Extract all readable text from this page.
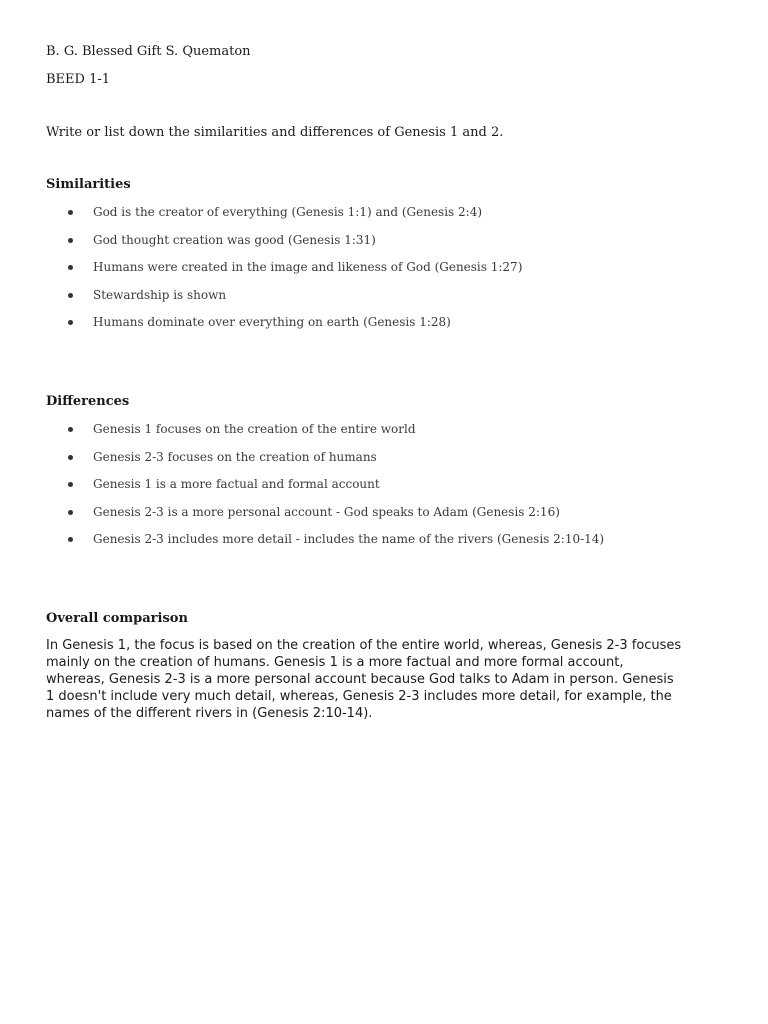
B. G. Blessed Gift S. Quematon
BEED 1-1
Write or list down the similarities and differences of Genesis 1 and 2.
Similarities
God is the creator of everything (Genesis 1:1) and (Genesis 2:4)
God thought creation was good (Genesis 1:31)
Humans were created in the image and likeness of God (Genesis 1:27)
Stewardship is shown
Humans dominate over everything on earth (Genesis 1:28)
Differences
Genesis 1 focuses on the creation of the entire world
Genesis 2-3 focuses on the creation of humans
Genesis 1 is a more factual and formal account
Genesis 2-3 is a more personal account - God speaks to Adam (Genesis 2:16)
Genesis 2-3 includes more detail - includes the name of the rivers (Genesis 2:10-14)
Overall comparison
In Genesis 1, the focus is based on the creation of the entire world, whereas, Genesis 2-3 focuses
mainly on the creation of humans. Genesis 1 is a more factual and more formal account,
whereas, Genesis 2-3 is a more personal account because God talks to Adam in person. Genesis
1 doesn't include very much detail, whereas, Genesis 2-3 includes more detail, for example, the
names of the different rivers in (Genesis 2:10-14).
